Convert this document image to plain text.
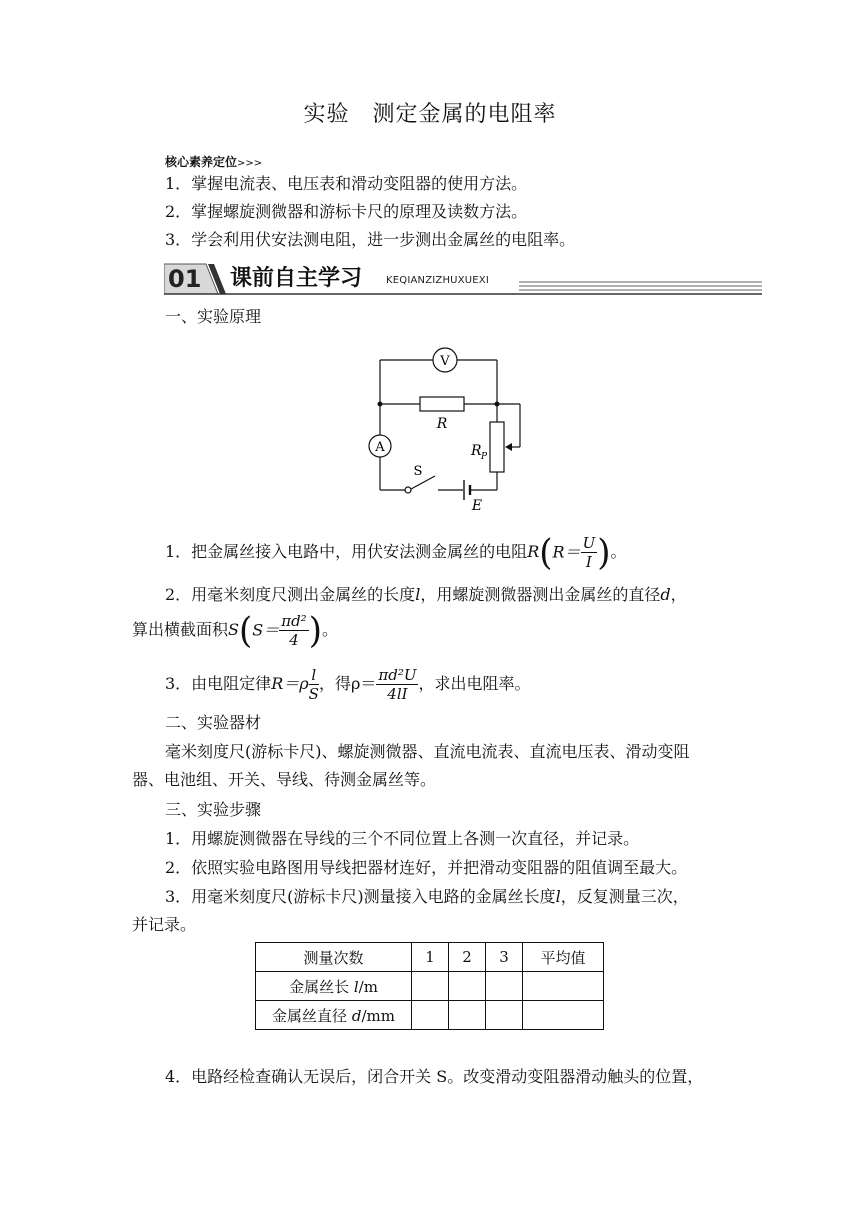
实验　测定金属的电阻率
核心素养定位>>>
1．掌握电流表、电压表和滑动变阻器的使用方法。
2．掌握螺旋测微器和游标卡尺的原理及读数方法。
3．学会利用伏安法测电阻，进一步测出金属丝的电阻率。
01 课前自主学习 KEQIANZIZHUXUEXI
一、实验原理
V
A
R
R P
S
E
1．把金属丝接入电路中，用伏安法测金属丝的电阻$R(R= \frac{U}{I}$ )。
2．用毫米刻度尺测出金属丝的长度l，用螺旋测微器测出金属丝的直径d，
算出横截面积$S(S= \frac{\text{πd²}}{4}$ )。
3．由电阻定律$R=\rho \frac{l}{S}$ ，得$\rho= \frac{\text{πd²U}}{4lI}$ ，求出电阻率。
二、实验器材
毫米刻度尺(游标卡尺)、螺旋测微器、直流电流表、直流电压表、滑动变阻
器、电池组、开关、导线、待测金属丝等。
三、实验步骤
1．用螺旋测微器在导线的三个不同位置上各测一次直径，并记录。
2．依照实验电路图用导线把器材连好，并把滑动变阻器的阻值调至最大。
3．用毫米刻度尺(游标卡尺)测量接入电路的金属丝长度l，反复测量三次，
并记录。
测量次数	1	2	3	平均值
金属丝长 l/m				
金属丝直径 d/mm				
4．电路经检查确认无误后，闭合开关 S。改变滑动变阻器滑动触头的位置，
